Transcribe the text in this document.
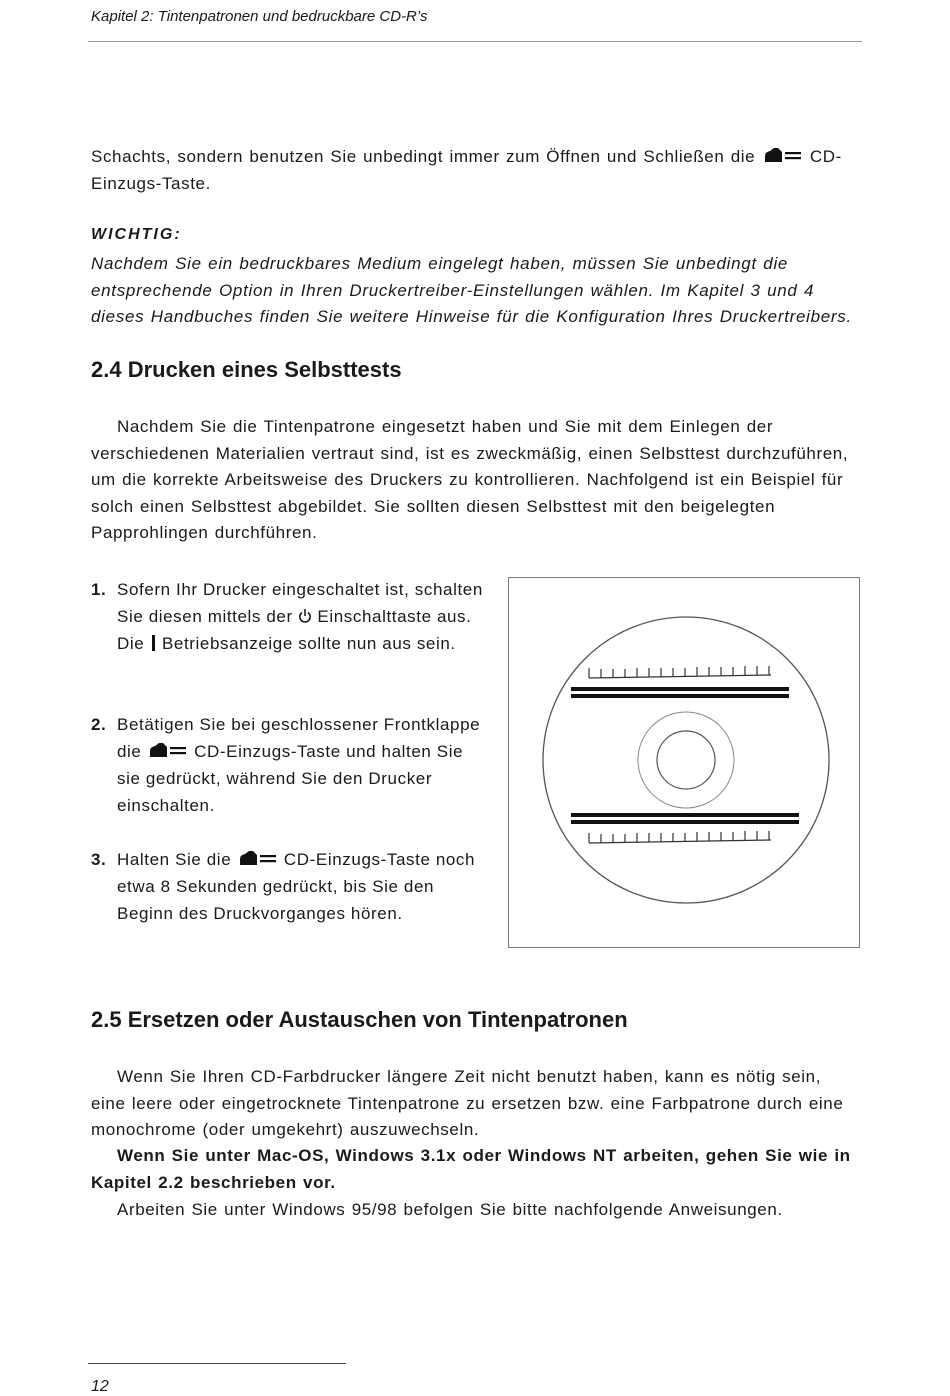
Kapitel 2: Tintenpatronen und bedruckbare CD-R’s

Schachts, sondern benutzen Sie unbedingt immer zum Öffnen und Schließen die	CD-Einzugs-Taste.

WICHTIG:

Nachdem Sie ein bedruckbares Medium eingelegt haben, müssen Sie unbedingt die entsprechende Option in Ihren Druckertreiber-Einstellungen wählen. Im Kapitel 3 und 4 dieses Handbuches finden Sie weitere Hinweise für die Konfiguration Ihres Druckertreibers.

2.4 Drucken eines Selbsttests

Nachdem Sie die Tintenpatrone eingesetzt haben und Sie mit dem Einlegen der verschiedenen Materialien vertraut sind, ist es zweckmäßig, einen Selbsttest durchzuführen, um die korrekte Arbeitsweise des Druckers zu kontrollieren. Nachfolgend ist ein Beispiel für solch einen Selbsttest abgebildet. Sie sollten diesen Selbsttest mit den beigelegten Papprohlingen durchführen.

1. Sofern Ihr Drucker eingeschaltet ist, schalten Sie diesen mittels der Einschalttaste aus. Die Betriebsanzeige sollte nun aus sein.
2. Betätigen Sie bei geschlossener Frontklappe die	CD-Einzugs-Taste und halten Sie sie gedrückt, während Sie den Drucker einschalten.
3. Halten Sie die	CD-Einzugs-Taste noch etwa 8 Sekunden gedrückt, bis Sie den Beginn des Druckvorganges hören.
2.5 Ersetzen oder Austauschen von Tintenpatronen

Wenn Sie Ihren CD-Farbdrucker längere Zeit nicht benutzt haben, kann es nötig sein, eine leere oder eingetrocknete Tintenpatrone zu ersetzen bzw. eine Farbpatrone durch eine monochrome (oder umgekehrt) auszuwechseln.

Wenn Sie unter Mac-OS, Windows 3.1x oder Windows NT arbeiten, gehen Sie wie in Kapitel 2.2 beschrieben vor.

Arbeiten Sie unter Windows 95/98 befolgen Sie bitte nachfolgende Anweisungen.

12
